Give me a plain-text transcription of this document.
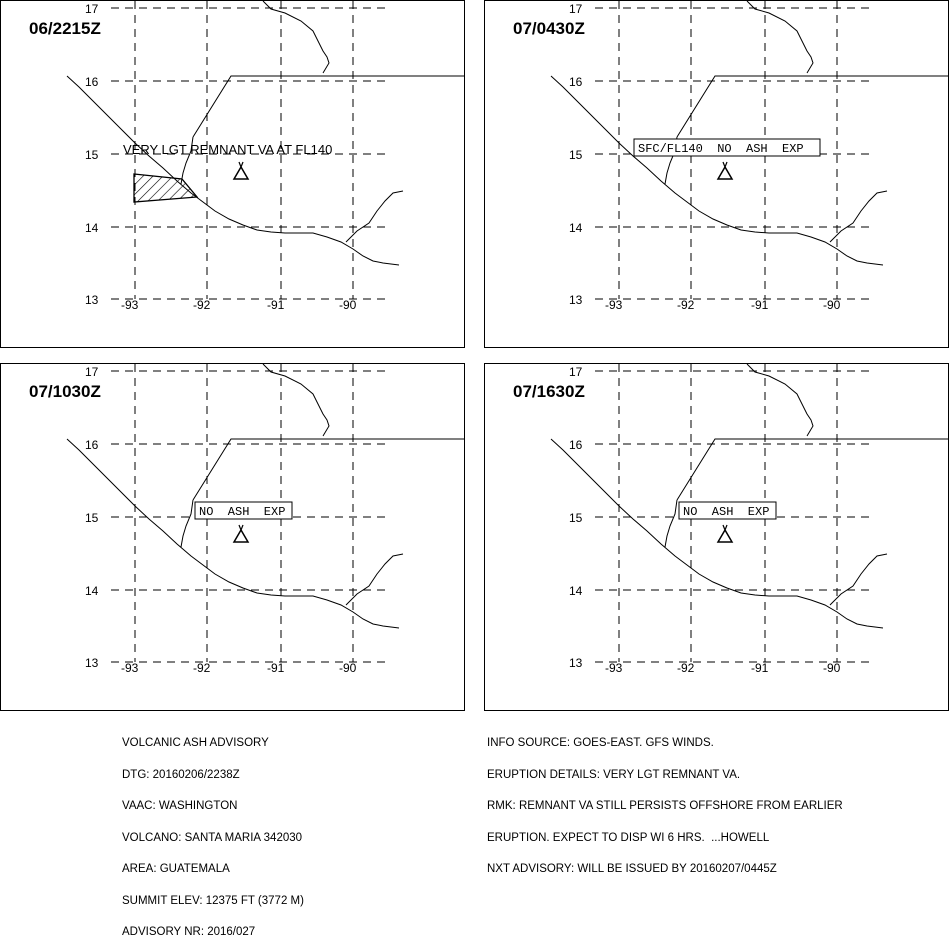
17
16
15
14
13 -93	-92	-91	-90
VERY LGT REMNANT VA AT FL140
06/2215Z
17
16
15
14
13 -93	-92	-91	-90
SFC/FL140  NO  ASH  EXP
07/0430Z
17
16
15
14
13 -93	-92	-91	-90
NO  ASH  EXP
07/1030Z
17
16
15
14
13 -93	-92	-91	-90
NO  ASH  EXP
07/1630Z

VOLCANIC ASH ADVISORY

DTG: 20160206/2238Z

VAAC: WASHINGTON

VOLCANO: SANTA MARIA 342030

AREA: GUATEMALA

SUMMIT ELEV: 12375 FT (3772 M)

ADVISORY NR: 2016/027

INFO SOURCE: GOES-EAST. GFS WINDS.

ERUPTION DETAILS: VERY LGT REMNANT VA.

RMK: REMNANT VA STILL PERSISTS OFFSHORE FROM EARLIER

ERUPTION. EXPECT TO DISP WI 6 HRS.  ...HOWELL

NXT ADVISORY: WILL BE ISSUED BY 20160207/0445Z
